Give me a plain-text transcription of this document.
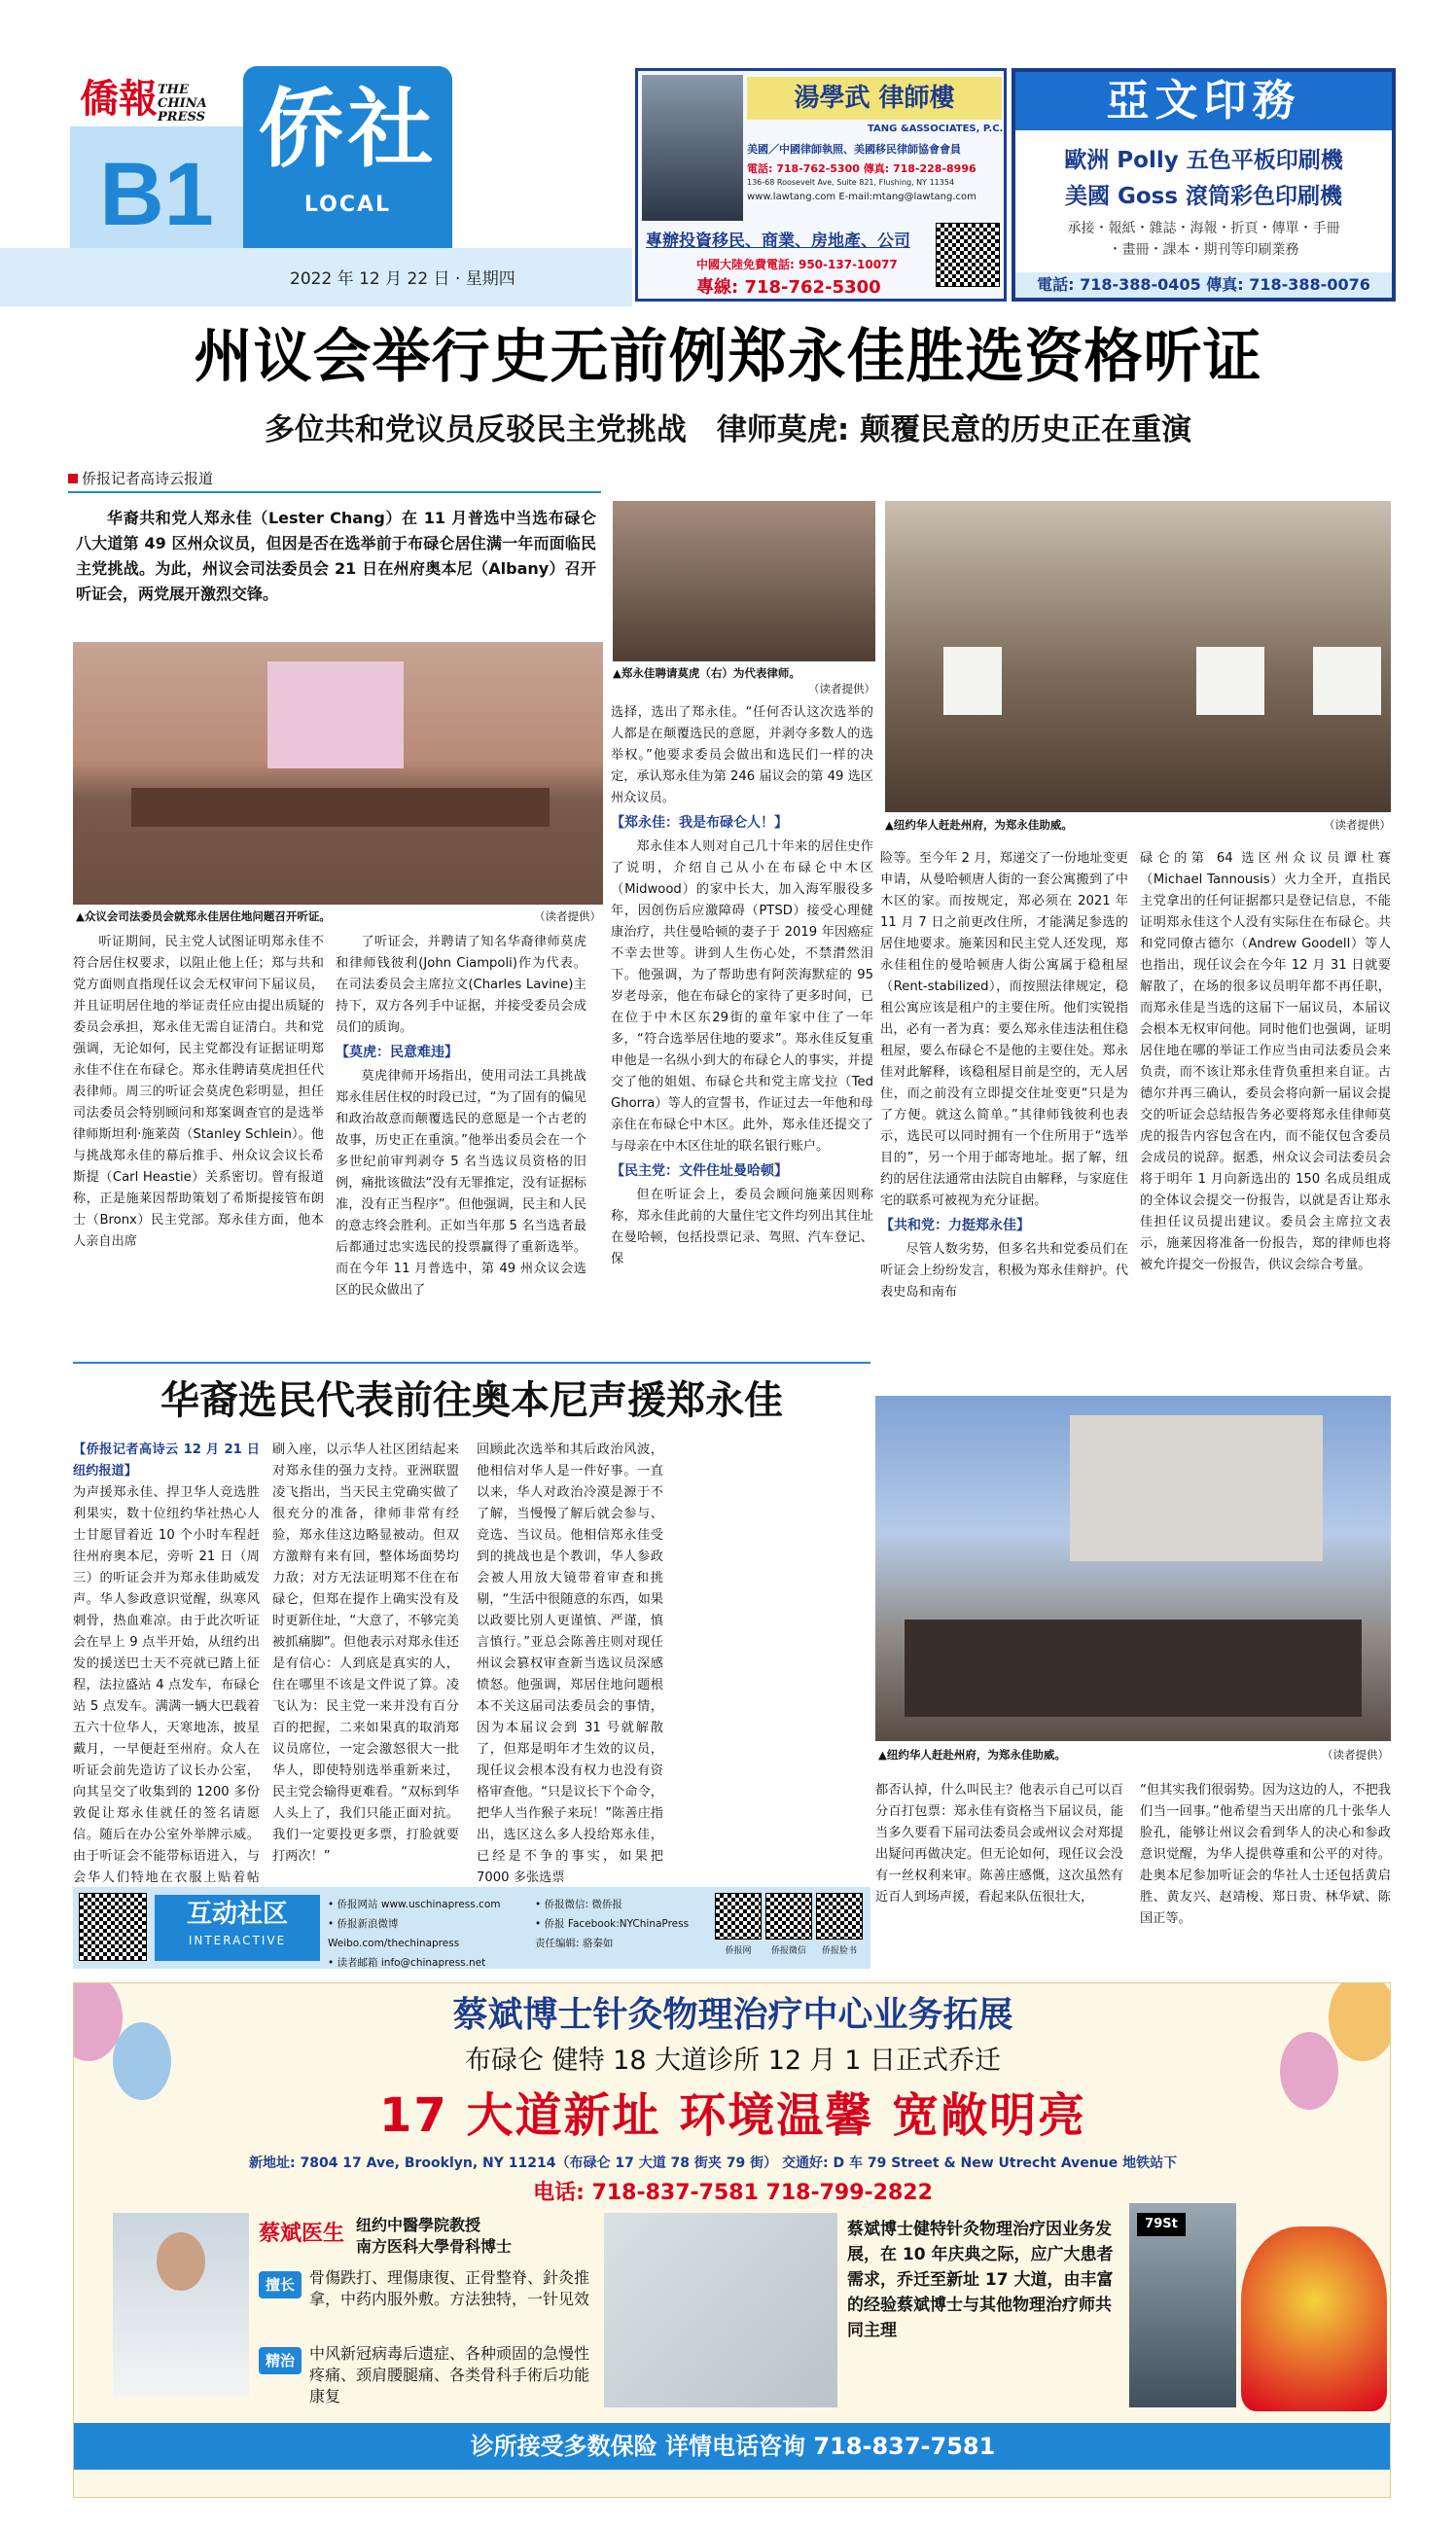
僑報 THE CHINA PRESS
B1
侨社
LOCAL
2022 年 12 月 22 日 · 星期四
湯學武 律師樓
TANG &ASSOCIATES, P.C.
美國／中國律師執照、美國移民律師協會會員
電話: 718-762-5300 傳真: 718-228-8996
136-68 Roosevelt Ave, Suite 821, Flushing, NY 11354
www.lawtang.com E-mail:mtang@lawtang.com
專辦投資移民、商業、房地產、公司
中國大陸免費電話: 950-137-10077
專線: 718-762-5300
亞文印務
歐洲 Polly 五色平板印刷機
美國 Goss 滾筒彩色印刷機
承接・報紙・雜誌・海報・折頁・傳單・手冊
・畫冊・課本・期刊等印刷業務
電話: 718-388-0405 傳真: 718-388-0076
州议会举行史无前例郑永佳胜选资格听证
多位共和党议员反驳民主党挑战　律师莫虎: 颠覆民意的历史正在重演
侨报记者高诗云报道

华裔共和党人郑永佳（Lester Chang）在 11 月普选中当选布碌仑八大道第 49 区州众议员，但因是否在选举前于布碌仑居住满一年而面临民主党挑战。为此，州议会司法委员会 21 日在州府奥本尼（Albany）召开听证会，两党展开激烈交锋。

（读者提供）
▲众议会司法委员会就郑永佳居住地问题召开听证。
▲郑永佳聘请莫虎（右）为代表律师。

（读者提供）
（读者提供）
▲纽约华人赶赴州府，为郑永佳助威。

听证期间，民主党人试图证明郑永佳不符合居住权要求，以阻止他上任；郑与共和党方面则直指现任议会无权审问下届议员，并且证明居住地的举证责任应由提出质疑的委员会承担，郑永佳无需自证清白。共和党强调，无论如何，民主党都没有证据证明郑永佳不住在布碌仑。郑永佳聘请莫虎担任代表律师。周三的听证会莫虎色彩明显，担任司法委员会特别顾问和郑案调查官的是选举律师斯坦利·施莱茵（Stanley Schlein）。他与挑战郑永佳的幕后推手、州众议会议长希斯提（Carl Heastie）关系密切。曾有报道称，正是施莱因帮助策划了希斯提接管布朗士（Bronx）民主党部。郑永佳方面，他本人亲自出席

了听证会，并聘请了知名华裔律师莫虎和律师钱彼利(John Ciampoli)作为代表。在司法委员会主席拉文(Charles Lavine)主持下，双方各列手中证据，并接受委员会成员们的质询。

【莫虎：民意难违】

莫虎律师开场指出，使用司法工具挑战郑永佳居住权的时段已过，“为了固有的偏见和政治故意而颠覆选民的意愿是一个古老的故事，历史正在重演。”他举出委员会在一个多世纪前审判剥夺 5 名当选议员资格的旧例，痛批该做法“没有无罪推定，没有证据标准，没有正当程序”。但他强调，民主和人民的意志终会胜利。正如当年那 5 名当选者最后都通过忠实选民的投票赢得了重新选举。而在今年 11 月普选中，第 49 州众议会选区的民众做出了

选择，选出了郑永佳。“任何否认这次选举的人都是在颠覆选民的意愿，并剥夺多数人的选举权。”他要求委员会做出和选民们一样的决定，承认郑永佳为第 246 届议会的第 49 选区州众议员。

【郑永佳：我是布碌仑人！】

郑永佳本人则对自己几十年来的居住史作了说明，介绍自己从小在布碌仑中木区（Midwood）的家中长大，加入海军服役多年，因创伤后应激障碍（PTSD）接受心理健康治疗，共住曼哈顿的妻子于 2019 年因癌症不幸去世等。讲到人生伤心处，不禁潸然泪下。他强调，为了帮助患有阿茨海默症的 95 岁老母亲，他在布碌仑的家待了更多时间，已在位于中木区东29街的童年家中住了一年多，“符合选举居住地的要求”。郑永佳反复重申他是一名纵小到大的布碌仑人的事实，并提交了他的姐姐、布碌仑共和党主席戈拉（Ted Ghorra）等人的宣誓书，作证过去一年他和母亲住在布碌仑中木区。此外，郑永佳还提交了与母亲在中木区住址的联名银行账户。

【民主党：文件住址曼哈顿】

但在听证会上，委员会顾问施莱因则称称，郑永佳此前的大量住宅文件均列出其住址在曼哈顿，包括投票记录、驾照、汽车登记、保

险等。至今年 2 月，郑递交了一份地址变更申请，从曼哈顿唐人街的一套公寓搬到了中木区的家。而按规定，郑必须在 2021 年 11 月 7 日之前更改住所，才能满足参选的居住地要求。施莱因和民主党人还发现，郑永佳租住的曼哈顿唐人街公寓属于稳租屋（Rent-stabilized），而按照法律规定，稳租公寓应该是租户的主要住所。他们实锐指出，必有一者为真：要么郑永佳违法租住稳租屋，要么布碌仑不是他的主要住处。郑永佳对此解释，该稳租屋目前是空的，无人居住，而之前没有立即提交住址变更“只是为了方便。就这么简单。”其律师钱彼利也表示，选民可以同时拥有一个住所用于“选举目的”，另一个用于邮寄地址。据了解，纽约的居住法通常由法院自由解释，与家庭住宅的联系可被视为充分证据。

【共和党：力挺郑永佳】

尽管人数劣势，但多名共和党委员们在听证会上纷纷发言，积极为郑永佳辩护。代表史岛和南布

碌仑的第 64 选区州众议员谭杜赛（Michael Tannousis）火力全开，直指民主党拿出的任何证据都只是登记信息，不能证明郑永佳这个人没有实际住在布碌仑。共和党同僚古德尔（Andrew Goodell）等人也指出，现任议会在今年 12 月 31 日就要解散了，在场的很多议员明年都不再任职，而郑永佳是当选的这届下一届议员，本届议会根本无权审问他。同时他们也强调，证明居住地在哪的举证工作应当由司法委员会来负责，而不该让郑永佳背负重担来自证。古德尔并再三确认，委员会将向新一届议会提交的听证会总结报告务必要将郑永佳律师莫虎的报告内容包含在内，而不能仅包含委员会成员的说辞。据悉，州众议会司法委员会将于明年 1 月向新选出的 150 名成员组成的全体议会提交一份报告，以就是否让郑永佳担任议员提出建议。委员会主席拉文表示，施莱因将准备一份报告，郑的律师也将被允许提交一份报告，供议会综合考量。

华裔选民代表前往奥本尼声援郑永佳

【侨报记者高诗云 12 月 21 日纽约报道】

为声援郑永佳、捍卫华人竞选胜利果实，数十位纽约华社热心人士甘愿冒着近 10 个小时车程赶往州府奥本尼，旁听 21 日（周三）的听证会并为郑永佳助威发声。华人参政意识觉醒，纵寒风刺骨，热血难凉。由于此次听证会在早上 9 点半开始，从纽约出发的援送巴士天不亮就已踏上征程，法拉盛站 4 点发车，布碌仑站 5 点发车。满满一辆大巴载着五六十位华人，天寒地冻，披星戴月，一早便赶至州府。众人在听证会前先造访了议长办公室，向其呈交了收集到的 1200 多份敦促让郑永佳就任的签名请愿信。随后在办公室外举牌示威。由于听证会不能带标语进入，与会华人们特地在衣服上贴着帖

刷入座，以示华人社区团结起来对郑永佳的强力支持。亚洲联盟凌飞指出，当天民主党确实做了很充分的准备，律师非常有经验，郑永佳这边略显被动。但双方激辩有来有回，整体场面势均力敌；对方无法证明郑不住在布碌仑，但郑在提作上确实没有及时更新住址，“大意了，不够完美被抓痛脚”。但他表示对郑永佳还是有信心：人到底是真实的人，住在哪里不该是文件说了算。凌飞认为：民主党一来并没有百分百的把握，二来如果真的取消郑议员席位，一定会激怒很大一批华人，即使特别选举重新来过，民主党会输得更难看。“双标到华人头上了，我们只能正面对抗。我们一定要投更多票，打脸就要打两次！”

回顾此次选举和其后政治风波，他相信对华人是一件好事。一直以来，华人对政治冷漠是源于不了解，当慢慢了解后就会参与、竞选、当议员。他相信郑永佳受到的挑战也是个教训，华人参政会被人用放大镜带着审查和挑剔，“生活中很随意的东西，如果以政要比别人更谨慎、严谨，慎言慎行。”亚总会陈善庄则对现任州议会篡权审查新当选议员深感愤怒。他强调，郑居住地问题根本不关这届司法委员会的事情，因为本届议会到 31 号就解散了，但郑是明年才生效的议员，现任议会根本没有权力也没有资格审查他。“只是议长下个命令，把华人当作猴子来玩！”陈善庄指出，选区这么多人投给郑永佳，已经是不争的事实，如果把 7000 多张选票

都否认掉，什么叫民主？他表示自己可以百分百打包票：郑永佳有资格当下届议员，能当多久要看下届司法委员会或州议会对郑提出疑问再做决定。但无论如何，现任议会没有一丝权利来审。陈善庄感慨，这次虽然有近百人到场声援，看起来队伍很壮大，

“但其实我们很弱势。因为这边的人，不把我们当一回事。”他希望当天出席的几十张华人脸孔，能够让州议会看到华人的决心和参政意识觉醒，为华人提供尊重和公平的对待。赴奥本尼参加听证会的华社人士还包括黄启胜、黄友兴、赵靖梭、郑日贵、林华斌、陈国正等。

（读者提供）
▲纽约华人赶赴州府，为郑永佳助威。
互动社区
INTERACTIVE
• 侨报网站 www.uschinapress.com
• 侨报新浪微博 Weibo.com/thechinapress
• 读者邮箱 info@chinapress.net
• 侨报微信: 微侨报
• 侨报 Facebook:NYChinaPress
责任编辑: 骆秦如
侨报网	侨报微信	侨报脸书
蔡斌博士针灸物理治疗中心业务拓展
布碌仑 健特 18 大道诊所 12 月 1 日正式乔迁
17 大道新址 环境温馨 宽敞明亮
新地址: 7804 17 Ave, Brooklyn, NY 11214（布碌仑 17 大道 78 街夹 79 街） 交通好: D 车 79 Street & New Utrecht Avenue 地铁站下
电话: 718-837-7581 718-799-2822
蔡斌医生 纽约中醫學院教授
南方医科大學骨科博士
擅长 骨傷跌打、理傷康復、正骨整脊、針灸推拿，中药内服外敷。方法独特，一针见效
精治 中风新冠病毒后遗症、各种顽固的急慢性疼痛、颈肩腰腿痛、各类骨科手術后功能康复
蔡斌博士健特针灸物理治疗因业务发展，在 10 年庆典之际，应广大患者需求，乔迁至新址 17 大道，由丰富的经验蔡斌博士与其他物理治疗师共同主理
79St
诊所接受多数保险 详情电话咨询 718-837-7581
